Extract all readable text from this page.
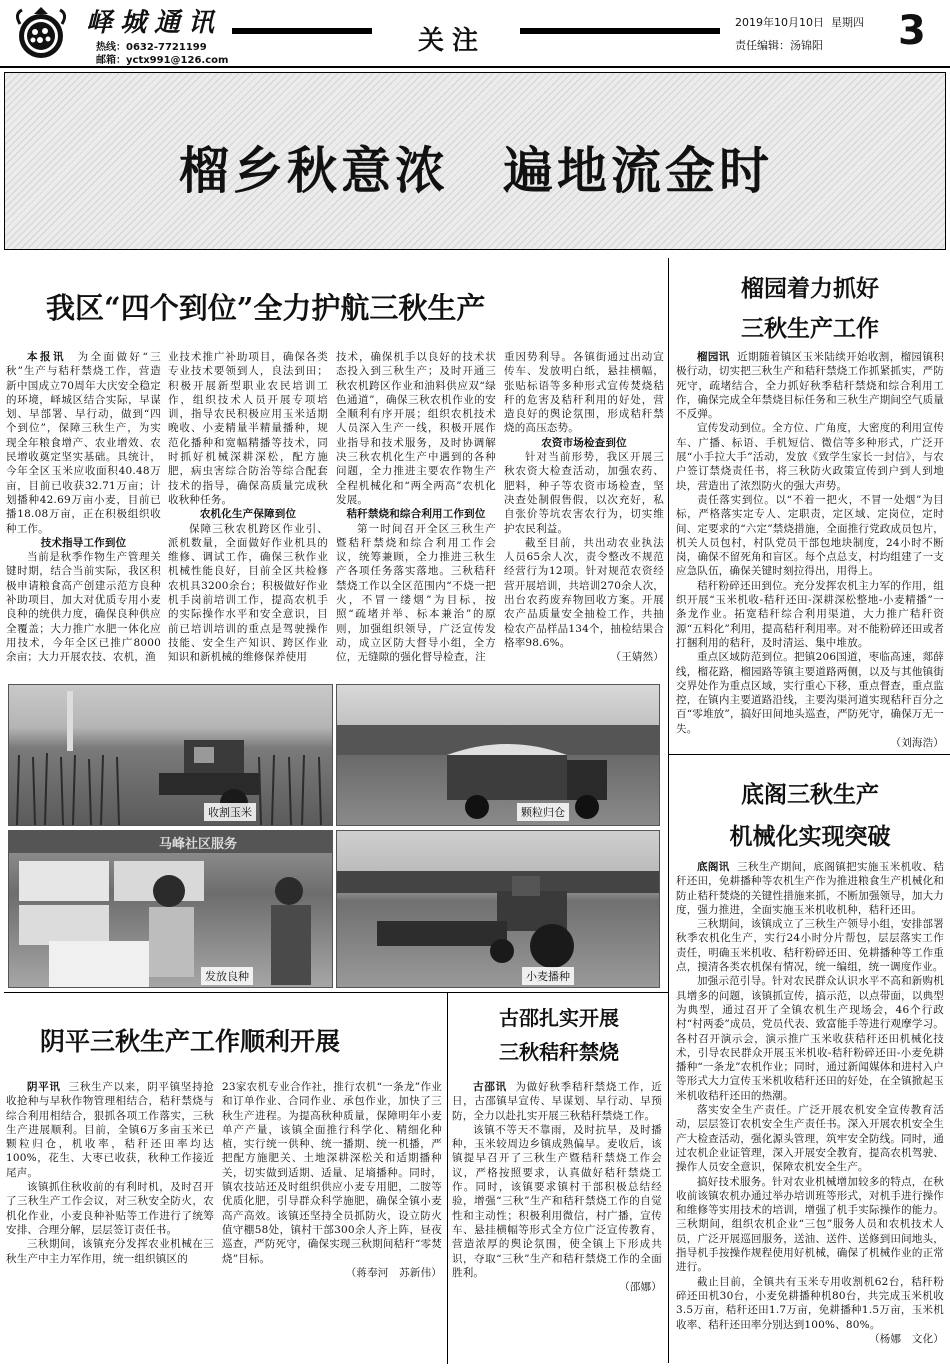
峄城通讯
热线：0632-7721199
邮箱：yctx991@126.com
关注
2019年10月10日 星期四
责任编辑：汤锦阳 3
榴乡秋意浓　遍地流金时
我区“四个到位”全力护航三秋生产

本报讯 为全面做好“三秋”生产与秸秆禁烧工作，营造新中国成立70周年大庆安全稳定的环境，峄城区结合实际，早谋划、早部署、早行动，做到“四个到位”，保障三秋生产，为实现全年粮食增产、农业增效、农民增收奠定坚实基础。具统计，今年全区玉米应收面积40.48万亩，目前已收获32.71万亩；计划播种42.69万亩小麦，目前已播18.08万亩，正在积极组织收种工作。

技术指导工作到位

当前是秋季作物生产管理关键时期，结合当前实际，我区积极申请粮食高产创建示范方良种补助项目，加大对优质专用小麦良种的统供力度，确保良种供应全覆盖；大力推广水肥一体化应用技术，今年全区已推广8000余亩；大力开展农技、农机，渔

业技术推广补助项目，确保各类专业技术要领到人，良法到田；积极开展新型职业农民培训工作，组织技术人员开展专项培训，指导农民积极应用玉米适期晚收、小麦精量半精量播种，规范化播种和宽幅精播等技术，同时抓好机械深耕深松，配方施肥，病虫害综合防治等综合配套技术的指导，确保高质量完成秋收秋种任务。

农机化生产保障到位

保障三秋农机跨区作业引、派机数量，全面做好作业机具的维修、调试工作，确保三秋作业机械性能良好，目前全区共检修农机具3200余台；积极做好作业机手岗前培训工作，提高农机手的实际操作水平和安全意识，目前已培训培训的重点是驾驶操作技能、安全生产知识、跨区作业知识和新机械的维修保养使用

技术，确保机手以良好的技术状态投入到三秋生产；及时开通三秋农机跨区作业和油料供应双“绿色通道”，确保三秋农机作业的安全顺利有序开展；组织农机技术人员深入生产一线，积极开展作业指导和技术服务，及时协调解决三秋农机化生产中遇到的各种问题，全力推进主要农作物生产全程机械化和“两全两高”农机化发展。

秸秆禁烧和综合利用工作到位

第一时间召开全区三秋生产暨秸秆禁烧和综合利用工作会议，统筹兼顾，全力推进三秋生产各项任务落实落地。三秋秸秆禁烧工作以全区范围内“不烧一把火，不冒一缕烟”为目标，按照“疏堵并举、标本兼治”的原则，加强组织领导，广泛宣传发动，成立区防大督导小组，全方位，无缝隙的强化督导检查，注

重因势利导。各镇街通过出动宣传车、发放明白纸，悬挂横幅，张贴标语等多种形式宣传焚烧秸秆的危害及秸秆利用的好处，营造良好的舆论氛围，形成秸秆禁烧的高压态势。

农资市场检查到位

针对当前形势，我区开展三秋农资大检查活动，加强农药、肥料，种子等农资市场检查，坚决查处制假售假，以次充好，私自张价等坑农害农行为，切实维护农民利益。

截至目前，共出动农业执法人员65余人次，责令整改不规范经营行为12项。针对规范农资经营开展培训，共培训270余人次，出台农药废弃物回收方案。开展农产品质量安全抽检工作，共抽检农产品样品134个，抽检结果合格率98.6%。

（王婧然）

收割玉米	颗粒归仓
马峰社区服务
发放良种	小麦播种
榴园着力抓好
三秋生产工作

榴园讯 近期随着镇区玉米陆续开始收割，榴园镇积极行动，切实把三秋生产和秸秆禁烧工作抓紧抓实，严防死守，疏堵结合，全力抓好秋季秸秆禁烧和综合利用工作，确保完成全年禁烧目标任务和三秋生产期间空气质量不反弹。

宣传发动到位。全方位、广角度，大密度的利用宣传车、广播、标语、手机短信、微信等多种形式，广泛开展“小手拉大手”活动，发放《致学生家长一封信》，与农户签订禁烧责任书，将三秋防火政策宣传到户到人到地块，营造出了浓烈防火的强大声势。

责任落实到位。以“不着一把火，不冒一处烟”为目标，严格落实定专人、定职责，定区域、定岗位，定时间、定要求的“六定”禁烧措施，全面推行党政成员包片，机关人员包村，村队党员干部包地块制度，24小时不断岗，确保不留死角和盲区。每个点总支，村均组建了一支应急队伍，确保关键时刻拉得出，用得上。

秸秆粉碎还田到位。充分发挥农机主力军的作用，组织开展“玉米机收-秸秆还田-深耕深松整地-小麦精播”一条龙作业。拓宽秸秆综合利用渠道，大力推广秸秆资源“五料化”利用，提高秸秆利用率。对不能粉碎还田或者打捆利用的秸秆，及时清运、集中堆放。

重点区域防范到位。把镇206国道，枣临高速，郯薛线，榴花路，榴园路等镇主要道路两侧，以及与其他镇街交界处作为重点区域，实行重心下移，重点督查，重点监控，在镇内主要道路沿线，主要沟渠河道实现秸秆百分之百“零堆放”，搞好田间地头巡查，严防死守，确保万无一失。

（刘海浩）

底阁三秋生产
机械化实现突破

底阁讯 三秋生产期间，底阁镇把实施玉米机收、秸秆还田，免耕播种等农机生产作为推进粮食生产机械化和防止秸秆焚烧的关键性措施来抓，不断加强领导，加大力度，强力推进，全面实施玉米机收机种，秸秆还田。

三秋期间，该镇成立了三秋生产领导小组，安排部署秋季农机化生产，实行24小时分片帮包，层层落实工作责任，明确玉米机收、秸秆粉碎还田、免耕播种等工作重点，摸清各类农机保有情况，统一编组，统一调度作业。

加强示范引导。针对农民群众认识水平不高和新购机具增多的问题，该镇抓宣传，搞示范，以点带面，以典型为典型，通过召开了全镇农机生产现场会，46个行政村“村两委”成员，党员代表、致富能手等进行观摩学习。各村召开演示会，演示推广玉米收获秸秆还田机械化技术，引导农民群众开展玉米机收-秸秆粉碎还田-小麦免耕播种“一条龙”农机作业；同时，通过新闻媒体和进村入户等形式大力宣传玉米机收秸秆还田的好处，在全镇掀起玉米机收秸秆还田的热潮。

落实安全生产责任。广泛开展农机安全宣传教育活动，层层签订农机安全生产责任书。深入开展农机安全生产大检查活动，强化源头管理，筑牢安全防线。同时，通过农机企业证管理，深入开展安全教育，提高农机驾驶、操作人员安全意识，保障农机安全生产。

搞好技术服务。针对农业机械增加较多的特点，在秋收前该镇农机办通过举办培训班等形式，对机手进行操作和维修等实用技术的培训，增强了机手实际操作的能力。三秋期间，组织农机企业“三包”服务人员和农机技术人员，广泛开展巡回服务，送油、送件、送修到田间地头，指导机手按操作规程使用好机械，确保了机械作业的正常进行。

截止目前，全镇共有玉米专用收割机62台，秸秆粉碎还田机30台，小麦免耕播种机80台，共完成玉米机收3.5万亩，秸秆还田1.7万亩，免耕播种1.5万亩，玉米机收率、秸秆还田率分别达到100%、80%。

（杨娜　文化）

阴平三秋生产工作顺利开展

阴平讯 三秋生产以来，阴平镇坚持抢收抢种与早秋作物管理相结合，秸秆禁烧与综合利用相结合，狠抓各项工作落实，三秋生产进展顺利。目前，全镇6万多亩玉米已颗粒归仓，机收率，秸秆还田率均达100%，花生、大枣已收获，秋种工作接近尾声。

该镇抓住秋收前的有利时机，及时召开了三秋生产工作会议，对三秋安全防火，农机化作业，小麦良种补贴等工作进行了统筹安排、合理分解，层层签订责任书。

三秋期间，该镇充分发挥农业机械在三秋生产中主力军作用，统一组织镇区的

23家农机专业合作社，推行农机“一条龙”作业和订单作业、合同作业、承包作业，加快了三秋生产进程。为提高秋种质量，保障明年小麦单产产量，该镇全面推行科学化、精细化种植，实行统一供种、统一播期、统一机播，严把配方施肥关、土地深耕深松关和适期播种关，切实做到适期、适量、足墒播种。同时，镇农技站还及时组织供应小麦专用肥，二胺等优质化肥，引导群众科学施肥，确保全镇小麦高产高效。该镇还坚持全员抓防火，设立防火值守棚58处，镇村干部300余人齐上阵，昼夜巡查，严防死守，确保实现三秋期间秸秆“零焚烧”目标。

（蒋奉河　苏新伟）

古邵扎实开展
三秋秸秆禁烧

古邵讯 为做好秋季秸秆禁烧工作，近日，古邵镇早宣传、早谋划、早行动、早预防，全力以赴扎实开展三秋秸秆禁烧工作。

该镇不等天不靠雨，及时抗旱，及时播种，玉米较周边乡镇成熟偏早。麦收后，该镇提早召开了三秋生产暨秸秆禁烧工作会议，严格按照要求，认真做好秸秆禁烧工作。同时，该镇要求镇村干部积极总结经验，增强“三秋”生产和秸秆禁烧工作的自觉性和主动性；积极利用微信，村广播，宣传车、悬挂横幅等形式全方位广泛宣传教育，营造浓厚的舆论氛围，使全镇上下形成共识，夺取“三秋”生产和秸秆禁烧工作的全面胜利。

（邵娜）
